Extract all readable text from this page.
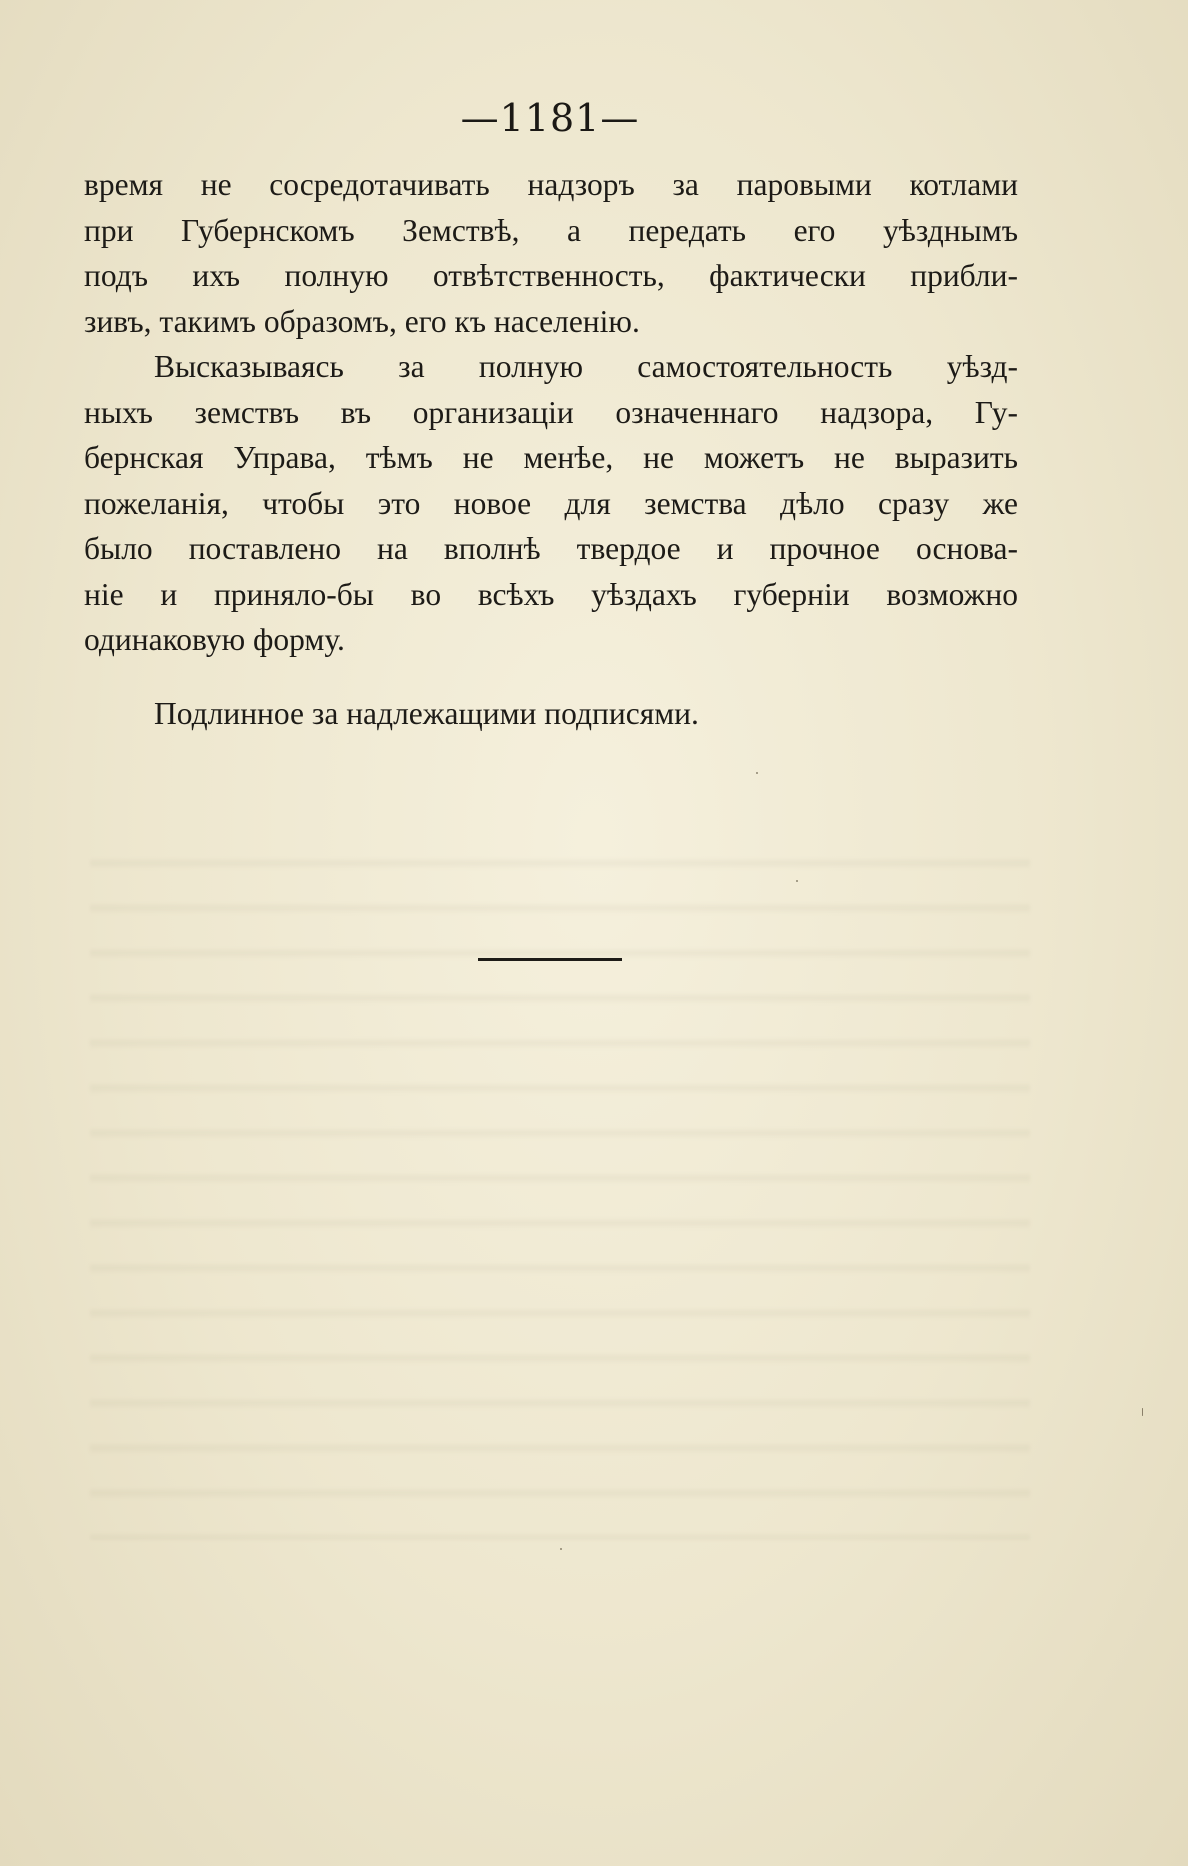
—1181—

время не сосредотачивать надзоръ за паровыми котлами
при Губернскомъ Земствѣ, а передать его уѣзднымъ
подъ ихъ полную отвѣтственность, фактически прибли-
зивъ, такимъ образомъ, его къ населенію.

Высказываясь за полную самостоятельность уѣзд-
ныхъ земствъ въ организаціи означеннаго надзора, Гу-
бернская Управа, тѣмъ не менѣе, не можетъ не выразить
пожеланія, чтобы это новое для земства дѣло сразу же
было поставлено на вполнѣ твердое и прочное основа-
ніе и приняло-бы во всѣхъ уѣздахъ губерніи возможно
одинаковую форму.

Подлинное за надлежащими подписями.
